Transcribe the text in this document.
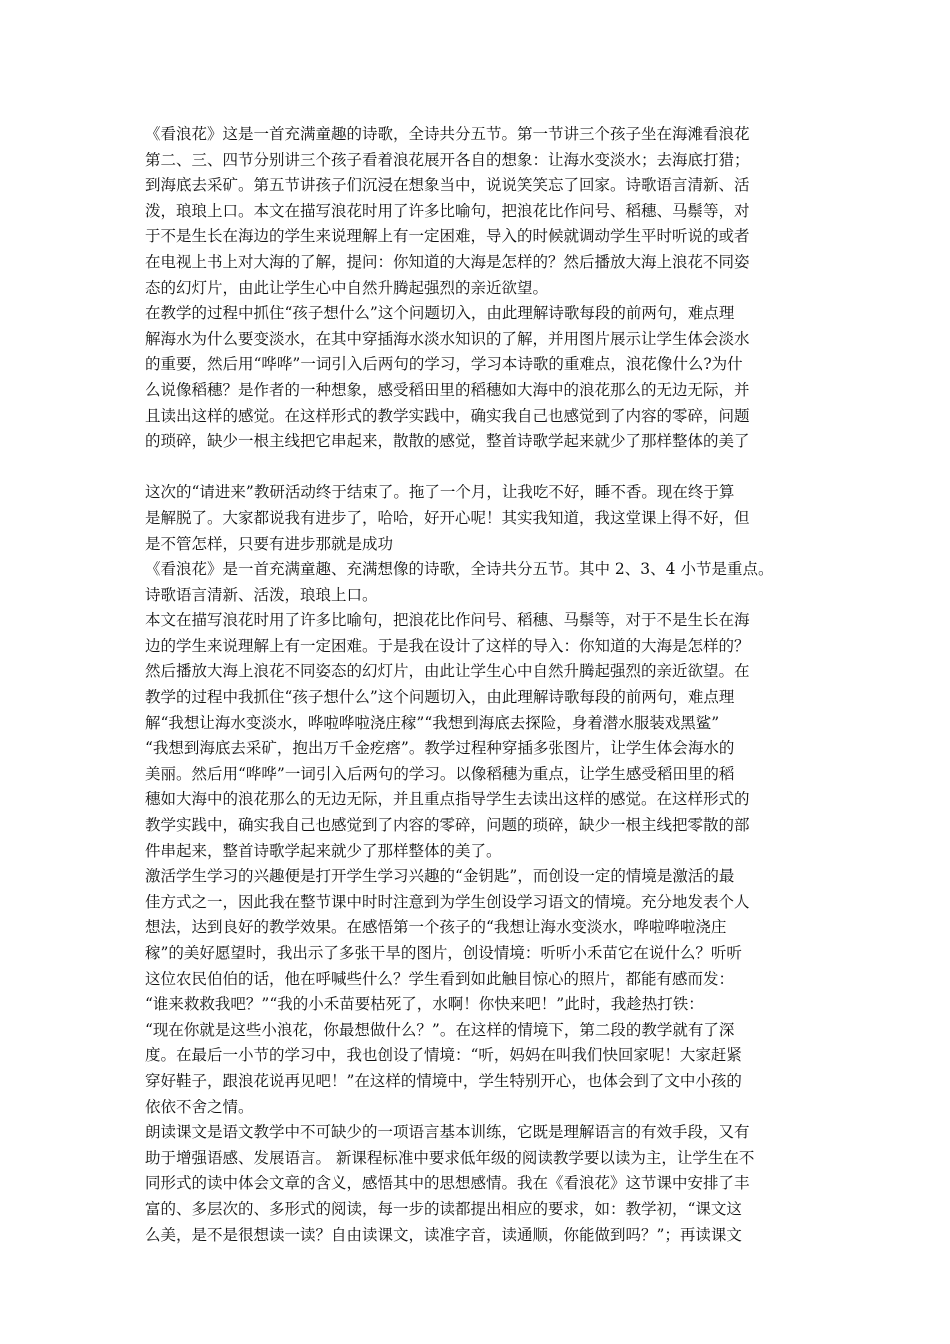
《看浪花》这是一首充满童趣的诗歌，全诗共分五节。第一节讲三个孩子坐在海滩看浪花
第二、三、四节分别讲三个孩子看着浪花展开各自的想象：让海水变淡水；去海底打猎；
到海底去采矿。第五节讲孩子们沉浸在想象当中，说说笑笑忘了回家。诗歌语言清新、活
泼，琅琅上口。本文在描写浪花时用了许多比喻句，把浪花比作问号、稻穗、马鬃等，对
于不是生长在海边的学生来说理解上有一定困难，导入的时候就调动学生平时听说的或者
在电视上书上对大海的了解，提问：你知道的大海是怎样的？然后播放大海上浪花不同姿
态的幻灯片，由此让学生心中自然升腾起强烈的亲近欲望。
在教学的过程中抓住“孩子想什么”这个问题切入，由此理解诗歌每段的前两句，难点理
解海水为什么要变淡水，在其中穿插海水淡水知识的了解，并用图片展示让学生体会淡水
的重要，然后用“哗哗”一词引入后两句的学习，学习本诗歌的重难点，浪花像什么?为什
么说像稻穗？是作者的一种想象，感受稻田里的稻穗如大海中的浪花那么的无边无际，并
且读出这样的感觉。在这样形式的教学实践中，确实我自己也感觉到了内容的零碎，问题
的琐碎，缺少一根主线把它串起来，散散的感觉，整首诗歌学起来就少了那样整体的美了
这次的“请进来”教研活动终于结束了。拖了一个月，让我吃不好，睡不香。现在终于算
是解脱了。大家都说我有进步了，哈哈，好开心呢！其实我知道，我这堂课上得不好，但
是不管怎样，只要有进步那就是成功
《看浪花》是一首充满童趣、充满想像的诗歌，全诗共分五节。其中 2、3、4 小节是重点。
诗歌语言清新、活泼，琅琅上口。
本文在描写浪花时用了许多比喻句，把浪花比作问号、稻穗、马鬃等，对于不是生长在海
边的学生来说理解上有一定困难。于是我在设计了这样的导入：你知道的大海是怎样的？
然后播放大海上浪花不同姿态的幻灯片，由此让学生心中自然升腾起强烈的亲近欲望。在
教学的过程中我抓住“孩子想什么”这个问题切入，由此理解诗歌每段的前两句，难点理
解“我想让海水变淡水，哗啦哗啦浇庄稼”“我想到海底去探险，身着潜水服装戏黑鲨”
“我想到海底去采矿，抱出万千金疙瘩”。教学过程种穿插多张图片，让学生体会海水的
美丽。然后用“哗哗”一词引入后两句的学习。以像稻穗为重点，让学生感受稻田里的稻
穗如大海中的浪花那么的无边无际，并且重点指导学生去读出这样的感觉。在这样形式的
教学实践中，确实我自己也感觉到了内容的零碎，问题的琐碎，缺少一根主线把零散的部
件串起来，整首诗歌学起来就少了那样整体的美了。
激活学生学习的兴趣便是打开学生学习兴趣的“金钥匙”，而创设一定的情境是激活的最
佳方式之一，因此我在整节课中时时注意到为学生创设学习语文的情境。充分地发表个人
想法，达到良好的教学效果。在感悟第一个孩子的“我想让海水变淡水，哗啦哗啦浇庄
稼”的美好愿望时，我出示了多张干旱的图片，创设情境：听听小禾苗它在说什么？听听
这位农民伯伯的话，他在呼喊些什么？学生看到如此触目惊心的照片，都能有感而发：
“谁来救救我吧？”“我的小禾苗要枯死了，水啊！你快来吧！”此时，我趁热打铁：
“现在你就是这些小浪花，你最想做什么？”。在这样的情境下，第二段的教学就有了深
度。在最后一小节的学习中，我也创设了情境：“听，妈妈在叫我们快回家呢！大家赶紧
穿好鞋子，跟浪花说再见吧！”在这样的情境中，学生特别开心，也体会到了文中小孩的
依依不舍之情。
朗读课文是语文教学中不可缺少的一项语言基本训练，它既是理解语言的有效手段，又有
助于增强语感、发展语言。 新课程标准中要求低年级的阅读教学要以读为主，让学生在不
同形式的读中体会文章的含义，感悟其中的思想感情。我在《看浪花》这节课中安排了丰
富的、多层次的、多形式的阅读，每一步的读都提出相应的要求，如：教学初，“课文这
么美，是不是很想读一读？自由读课文，读准字音，读通顺，你能做到吗？”；再读课文
